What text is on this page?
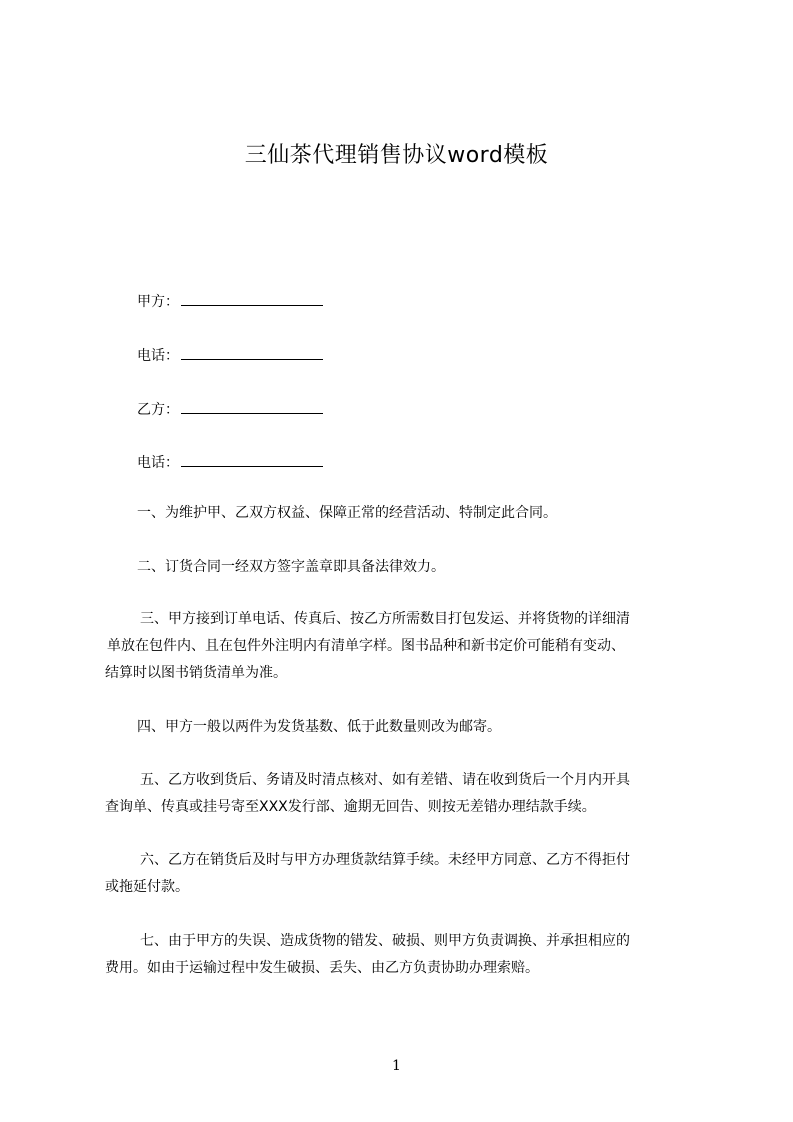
三仙茶代理销售协议word模板
甲方：
电话：
乙方：
电话：
一、为维护甲、乙双方权益、保障正常的经营活动、特制定此合同。
二、订货合同一经双方签字盖章即具备法律效力。
三、甲方接到订单电话、传真后、按乙方所需数目打包发运、并将货物的详细清
单放在包件内、且在包件外注明内有清单字样。图书品种和新书定价可能稍有变动、
结算时以图书销货清单为准。
四、甲方一般以两件为发货基数、低于此数量则改为邮寄。
五、乙方收到货后、务请及时清点核对、如有差错、请在收到货后一个月内开具
查询单、传真或挂号寄至XXX发行部、逾期无回告、则按无差错办理结款手续。
六、乙方在销货后及时与甲方办理货款结算手续。未经甲方同意、乙方不得拒付
或拖延付款。
七、由于甲方的失误、造成货物的错发、破损、则甲方负责调换、并承担相应的
费用。如由于运输过程中发生破损、丢失、由乙方负责协助办理索赔。
1
